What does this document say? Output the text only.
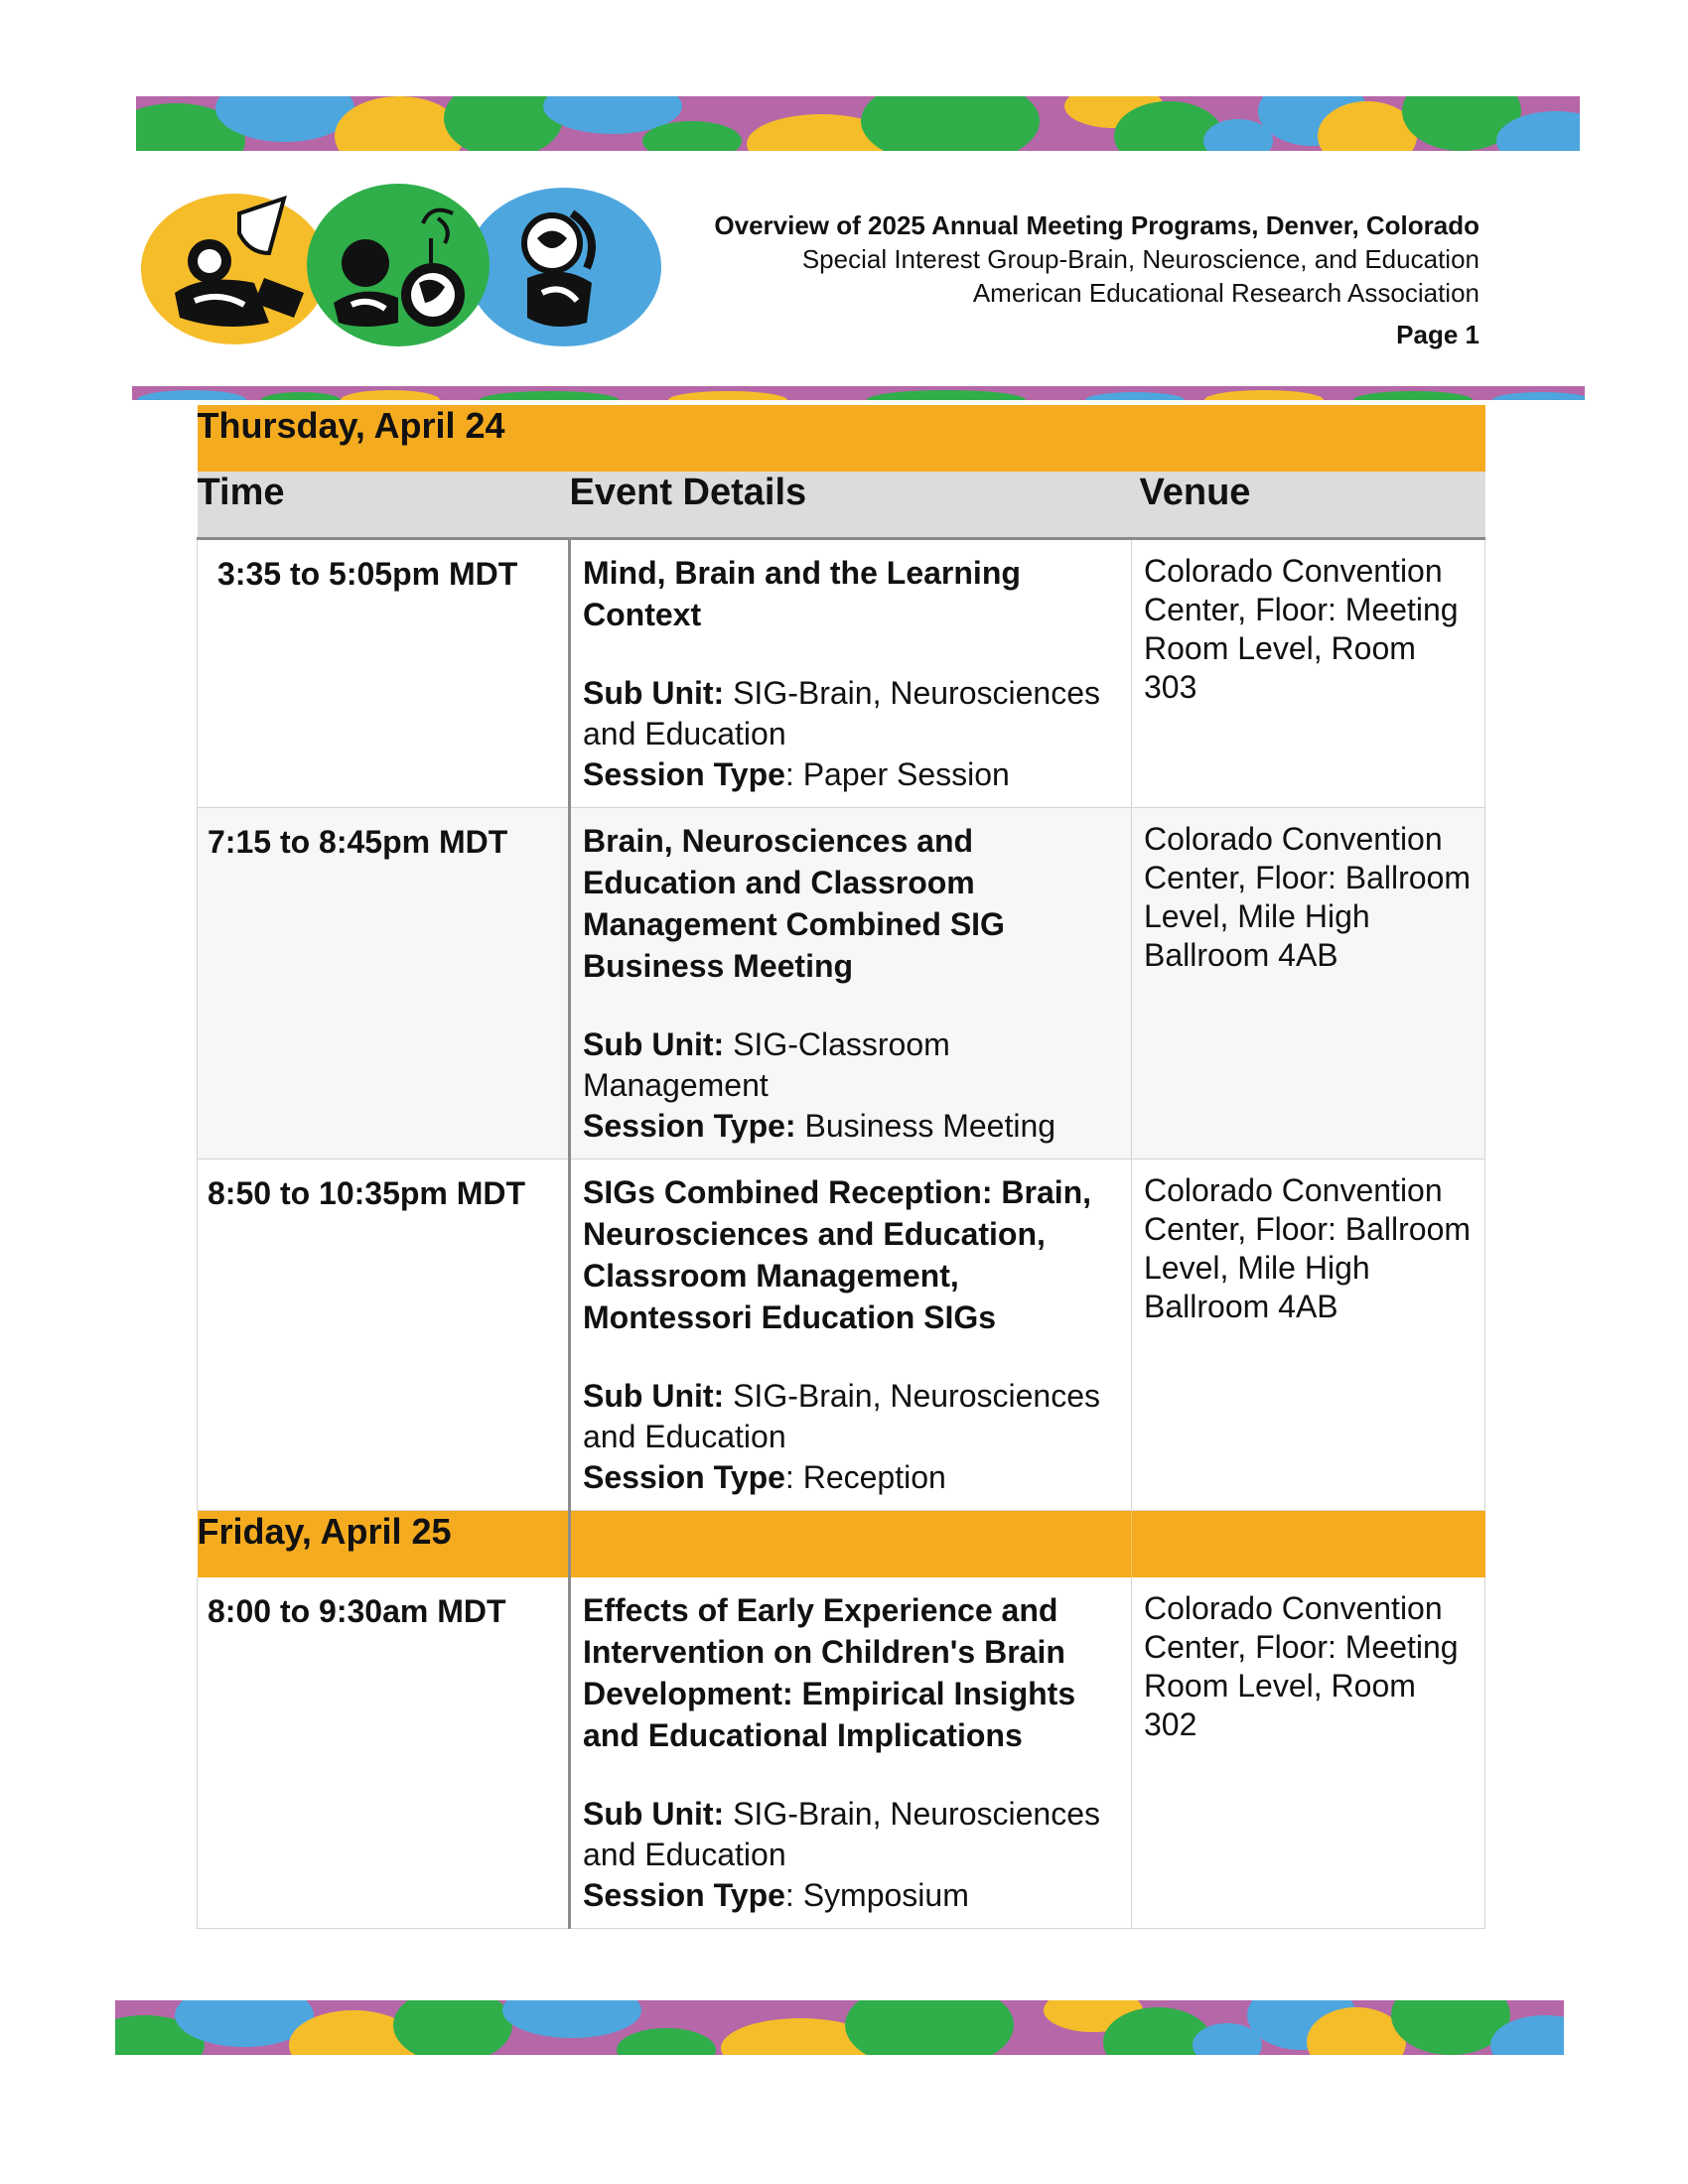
Overview of 2025 Annual Meeting Programs, Denver, Colorado
Special Interest Group-Brain, Neuroscience, and Education
American Educational Research Association
Page 1
Thursday, April 24		
Time	Event Details	Venue

3:35 to 5:05pm MDT	Mind, Brain and the Learning Context
Sub Unit: SIG-Brain, Neurosciences and Education
Session Type: Paper Session	Colorado Convention Center, Floor: Meeting Room Level, Room 303

7:15 to 8:45pm MDT	Brain, Neurosciences and Education and Classroom Management Combined SIG Business Meeting
Sub Unit: SIG-Classroom Management
Session Type: Business Meeting	Colorado Convention Center, Floor: Ballroom Level, Mile High Ballroom 4AB

8:50 to 10:35pm MDT	SIGs Combined Reception: Brain, Neurosciences and Education, Classroom Management, Montessori Education SIGs
Sub Unit: SIG-Brain, Neurosciences and Education
Session Type: Reception	Colorado Convention Center, Floor: Ballroom Level, Mile High Ballroom 4AB

Friday, April 25		

8:00 to 9:30am MDT	Effects of Early Experience and Intervention on Children's Brain Development: Empirical Insights and Educational Implications
Sub Unit: SIG-Brain, Neurosciences and Education
Session Type: Symposium	Colorado Convention Center, Floor: Meeting Room Level, Room 302
